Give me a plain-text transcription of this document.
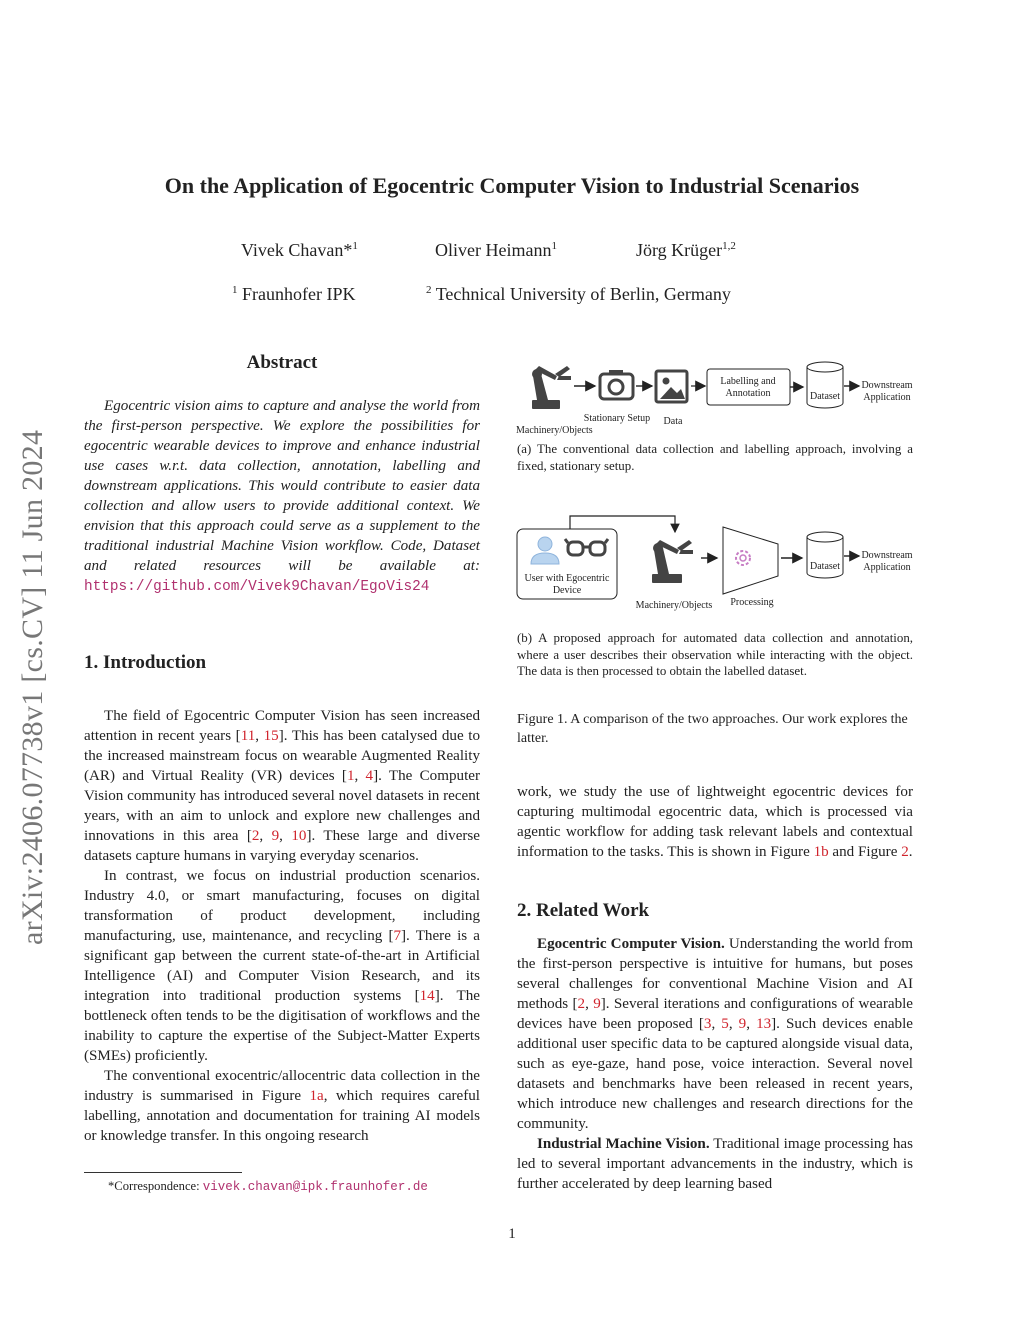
arXiv:2406.07738v1 [cs.CV] 11 Jun 2024
On the Application of Egocentric Computer Vision to Industrial Scenarios
Vivek Chavan*$^1$	Oliver Heimann$^1$	Jörg Krüger$^{1,2}$
$^1$ Fraunhofer IPK	$^2$ Technical University of Berlin, Germany
Abstract

Egocentric vision aims to capture and analyse the world from the first-person perspective. We explore the possibilities for egocentric wearable devices to improve and enhance industrial use cases w.r.t. data collection, annotation, labelling and downstream applications. This would contribute to easier data collection and allow users to provide additional context. We envision that this approach could serve as a supplement to the traditional industrial Machine Vision workflow. Code, Dataset and related resources will be available at: https://github.com/Vivek9Chavan/EgoVis24

1. Introduction

The field of Egocentric Computer Vision has seen increased attention in recent years [11, 15]. This has been catalysed due to the increased mainstream focus on wearable Augmented Reality (AR) and Virtual Reality (VR) devices [1, 4]. The Computer Vision community has introduced several novel datasets in recent years, with an aim to unlock and explore new challenges and innovations in this area [2, 9, 10]. These large and diverse datasets capture humans in varying everyday scenarios.

In contrast, we focus on industrial production scenarios. Industry 4.0, or smart manufacturing, focuses on digital transformation of product development, including manufacturing, use, maintenance, and recycling [7]. There is a significant gap between the current state-of-the-art in Artificial Intelligence (AI) and Computer Vision Research, and its integration into traditional production systems [14]. The bottleneck often tends to be the digitisation of workflows and the inability to capture the expertise of the Subject-Matter Experts (SMEs) proficiently.

The conventional exocentric/allocentric data collection in the industry is summarised in Figure 1a, which requires careful labelling, annotation and documentation for training AI models or knowledge transfer. In this ongoing research

*Correspondence: vivek.chavan@ipk.fraunhofer.de
Labelling and
Annotation	Dataset
Downstream
Application
Stationary Setup Data
Machinery/Objects
(a) The conventional data collection and labelling approach, involving a fixed, stationary setup.
User with Egocentric
Device
Machinery/Objects Processing
Dataset
Downstream
Application
(b) A proposed approach for automated data collection and annotation, where a user describes their observation while interacting with the object. The data is then processed to obtain the labelled dataset.
Figure 1. A comparison of the two approaches. Our work explores the latter.

work, we study the use of lightweight egocentric devices for capturing multimodal egocentric data, which is processed via agentic workflow for adding task relevant labels and contextual information to the tasks. This is shown in Figure 1b and Figure 2.

2. Related Work

Egocentric Computer Vision. Understanding the world from the first-person perspective is intuitive for humans, but poses several challenges for conventional Machine Vision and AI methods [2, 9]. Several iterations and configurations of wearable devices have been proposed [3, 5, 9, 13]. Such devices enable additional user specific data to be captured alongside visual data, such as eye-gaze, hand pose, voice interaction. Several novel datasets and benchmarks have been released in recent years, which introduce new challenges and research directions for the community.

Industrial Machine Vision. Traditional image processing has led to several important advancements in the industry, which is further accelerated by deep learning based

1
